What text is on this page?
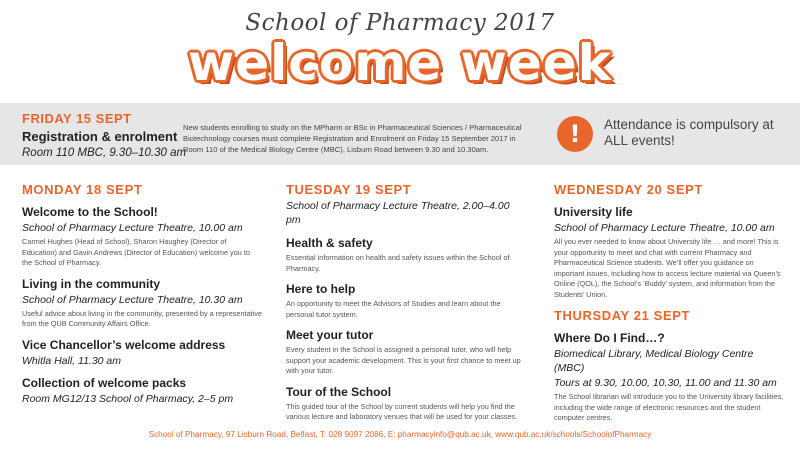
School of Pharmacy 2017
welcome week
FRIDAY 15 SEPT
Registration & enrolment
Room 110 MBC, 9.30–10.30 am
New students enrolling to study on the MPharm or BSc in Pharmaceutical Sciences / Pharmaceutical Biotechnology courses must complete Registration and Enrolment on Friday 15 September 2017 in Room 110 of the Medical Biology Centre (MBC), Lisburn Road between 9.30 and 10.30am.
!	Attendance is compulsory at ALL events!
MONDAY 18 SEPT
Welcome to the School!
School of Pharmacy Lecture Theatre, 10.00 am
Carmel Hughes (Head of School), Sharon Haughey (Director of Education) and Gavin Andrews (Director of Education) welcome you to the School of Pharmacy.
Living in the community
School of Pharmacy Lecture Theatre, 10.30 am
Useful advice about living in the community, presented by a representative from the QUB Community Affairs Office.
Vice Chancellor’s welcome address
Whitla Hall, 11.30 am
Collection of welcome packs
Room MG12/13 School of Pharmacy, 2–5 pm
TUESDAY 19 SEPT
School of Pharmacy Lecture Theatre, 2.00–4.00 pm
Health & safety
Essential information on health and safety issues within the School of Pharmacy.
Here to help
An opportunity to meet the Advisors of Studies and learn about the personal tutor system.
Meet your tutor
Every student in the School is assigned a personal tutor, who will help support your academic development. This is your first chance to meet up with your tutor.
Tour of the School
This guided tour of the School by current students will help you find the various lecture and laboratory venues that will be used for your classes.
WEDNESDAY 20 SEPT
University life
School of Pharmacy Lecture Theatre, 10.00 am
All you ever needed to know about University life … and more! This is your opportunity to meet and chat with current Pharmacy and Pharmaceutical Science students. We’ll offer you guidance on important issues, including how to access lecture material via Queen’s Online (QOL), the School’s ‘Buddy’ system, and information from the Students’ Union.
THURSDAY 21 SEPT
Where Do I Find…?
Biomedical Library, Medical Biology Centre (MBC)
Tours at 9.30, 10.00, 10.30, 11.00 and 11.30 am
The School librarian will introduce you to the University library facilities, including the wide range of electronic resources and the student computer centres.
School of Pharmacy, 97 Lisburn Road, Belfast, T: 028 9097 2086, E: pharmacyinfo@qub.ac.uk, www.qub.ac.uk/schools/SchoolofPharmacy
